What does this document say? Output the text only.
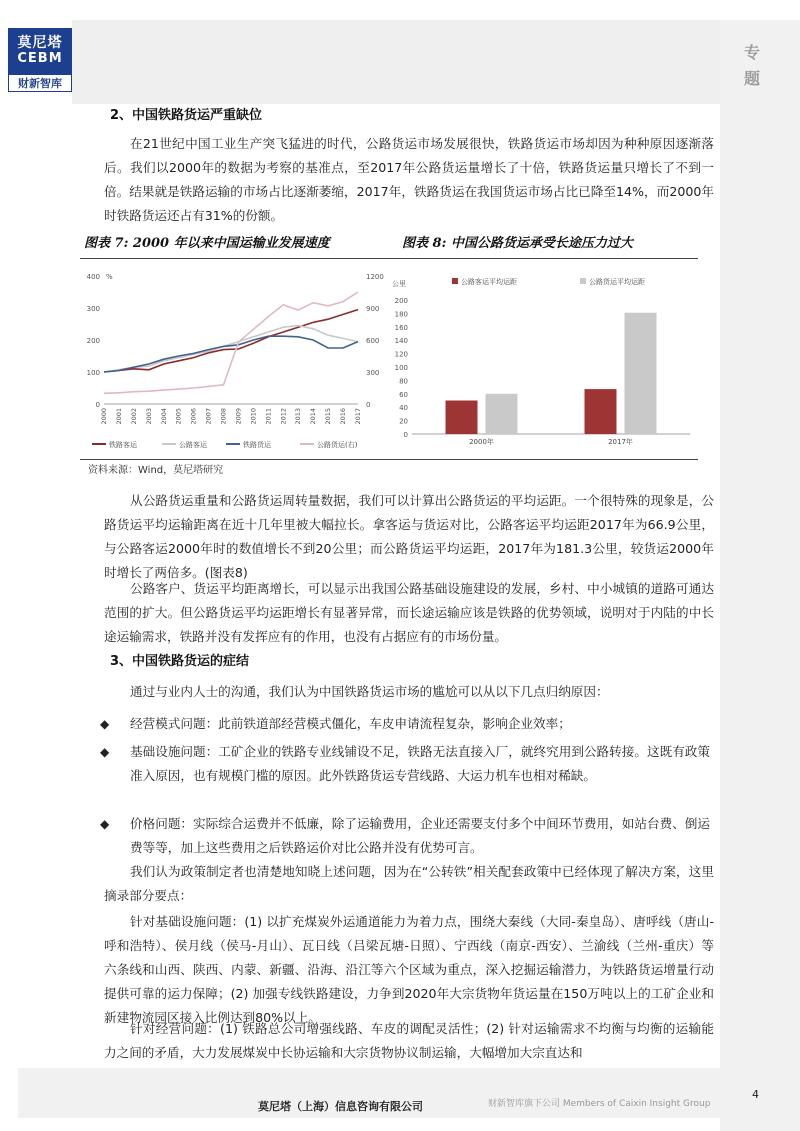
莫尼塔
CEBM
财新智库
专题
2、中国铁路货运严重缺位
在21世纪中国工业生产突飞猛进的时代，公路货运市场发展很快，铁路货运市场却因为种种原因逐渐落后。我们以2000年的数据为考察的基准点，至2017年公路货运量增长了十倍，铁路货运量只增长了不到一倍。结果就是铁路运输的市场占比逐渐萎缩，2017年，铁路货运在我国货运市场占比已降至14%，而2000年时铁路货运还占有31%的份额。
图表 7: 2000 年以来中国运输业发展速度	图表 8: 中国公路货运承受长途压力过大
0
100
200
300
400 %
0
300
600
900
1200
2000 2001 2002 2003 2004 2005 2006 2007 2008 2009 2010 2011 2012 2013 2014 2015 2016 2017
铁路客运	公路客运	铁路货运	公路货运(右)
公里
0
20
40
60
80
100
120
140
160
180
200
2000年	2017年
公路客运平均运距	公路货运平均运距
资料来源：Wind，莫尼塔研究
从公路货运重量和公路货运周转量数据，我们可以计算出公路货运的平均运距。一个很特殊的现象是，公路货运平均运输距离在近十几年里被大幅拉长。拿客运与货运对比，公路客运平均运距2017年为66.9公里，与公路客运2000年时的数值增长不到20公里；而公路货运平均运距，2017年为181.3公里，较货运2000年时增长了两倍多。(图表8)
公路客户、货运平均距离增长，可以显示出我国公路基础设施建设的发展，乡村、中小城镇的道路可通达范围的扩大。但公路货运平均运距增长有显著异常，而长途运输应该是铁路的优势领域，说明对于内陆的中长途运输需求，铁路并没有发挥应有的作用，也没有占据应有的市场份量。
3、中国铁路货运的症结
通过与业内人士的沟通，我们认为中国铁路货运市场的尴尬可以从以下几点归纳原因：
◆ 经营模式问题：此前铁道部经营模式僵化，车皮申请流程复杂，影响企业效率；
◆ 基础设施问题：工矿企业的铁路专业线铺设不足，铁路无法直接入厂，就终究用到公路转接。这既有政策准入原因，也有规模门槛的原因。此外铁路货运专营线路、大运力机车也相对稀缺。
◆ 价格问题：实际综合运费并不低廉，除了运输费用，企业还需要支付多个中间环节费用，如站台费、倒运费等等，加上这些费用之后铁路运价对比公路并没有优势可言。
我们认为政策制定者也清楚地知晓上述问题，因为在“公转铁”相关配套政策中已经体现了解决方案，这里摘录部分要点：
针对基础设施问题：(1) 以扩充煤炭外运通道能力为着力点，围绕大秦线（大同-秦皇岛）、唐呼线（唐山-呼和浩特）、侯月线（侯马-月山）、瓦日线（吕梁瓦塘-日照）、宁西线（南京-西安）、兰渝线（兰州-重庆）等六条线和山西、陕西、内蒙、新疆、沿海、沿江等六个区域为重点，深入挖掘运输潜力，为铁路货运增量行动提供可靠的运力保障；(2) 加强专线铁路建设，力争到2020年大宗货物年货运量在150万吨以上的工矿企业和新建物流园区接入比例达到80%以上。
针对经营问题：(1) 铁路总公司增强线路、车皮的调配灵活性；(2) 针对运输需求不均衡与均衡的运输能力之间的矛盾，大力发展煤炭中长协运输和大宗货物协议制运输，大幅增加大宗直达和
莫尼塔（上海）信息咨询有限公司	财新智库旗下公司 Members of Caixin Insight Group
4
